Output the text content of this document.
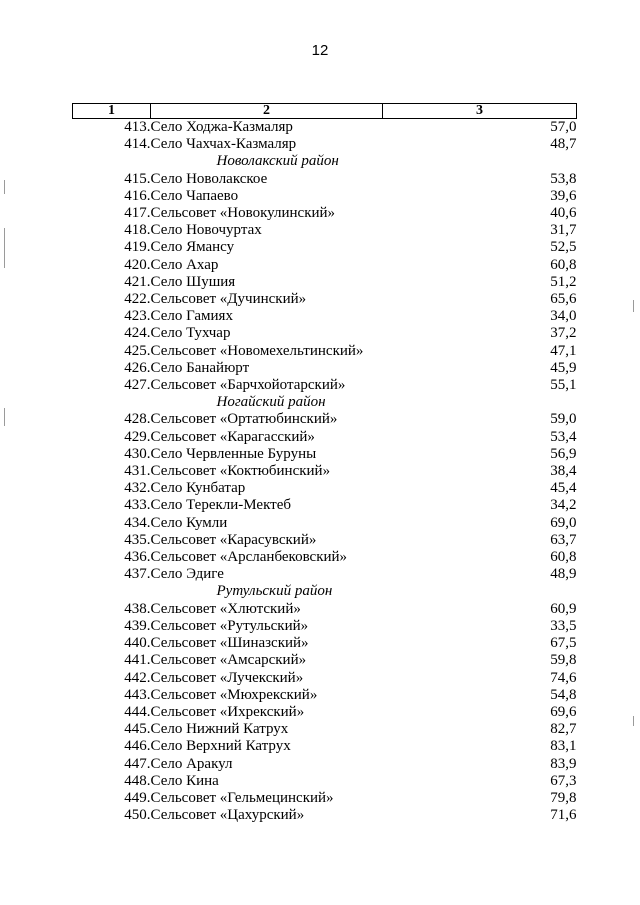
12
1	2	3
413.	Село Ходжа-Казмаляр	57,0
414.	Село Чахчах-Казмаляр	48,7
	Новолакский район	
415.	Село Новолакское	53,8
416.	Село Чапаево	39,6
417.	Сельсовет «Новокулинский»	40,6
418.	Село Новочуртах	31,7
419.	Село Ямансу	52,5
420.	Село Ахар	60,8
421.	Село Шушия	51,2
422.	Сельсовет «Дучинский»	65,6
423.	Село Гамиях	34,0
424.	Село Тухчар	37,2
425.	Сельсовет «Новомехельтинский»	47,1
426.	Село Банайюрт	45,9
427.	Сельсовет «Барчхойотарский»	55,1
	Ногайский район	
428.	Сельсовет «Ортатюбинский»	59,0
429.	Сельсовет «Карагасский»	53,4
430.	Село Червленные Буруны	56,9
431.	Сельсовет «Коктюбинский»	38,4
432.	Село Кунбатар	45,4
433.	Село Терекли-Мектеб	34,2
434.	Село Кумли	69,0
435.	Сельсовет «Карасувский»	63,7
436.	Сельсовет «Арсланбековский»	60,8
437.	Село Эдиге	48,9
	Рутульский район	
438.	Сельсовет «Хлютский»	60,9
439.	Сельсовет «Рутульский»	33,5
440.	Сельсовет «Шиназский»	67,5
441.	Сельсовет «Амсарский»	59,8
442.	Сельсовет «Лучекский»	74,6
443.	Сельсовет «Мюхрекский»	54,8
444.	Сельсовет «Ихрекский»	69,6
445.	Село Нижний Катрух	82,7
446.	Село Верхний Катрух	83,1
447.	Село Аракул	83,9
448.	Село Кина	67,3
449.	Сельсовет «Гельмецинский»	79,8
450.	Сельсовет «Цахурский»	71,6
